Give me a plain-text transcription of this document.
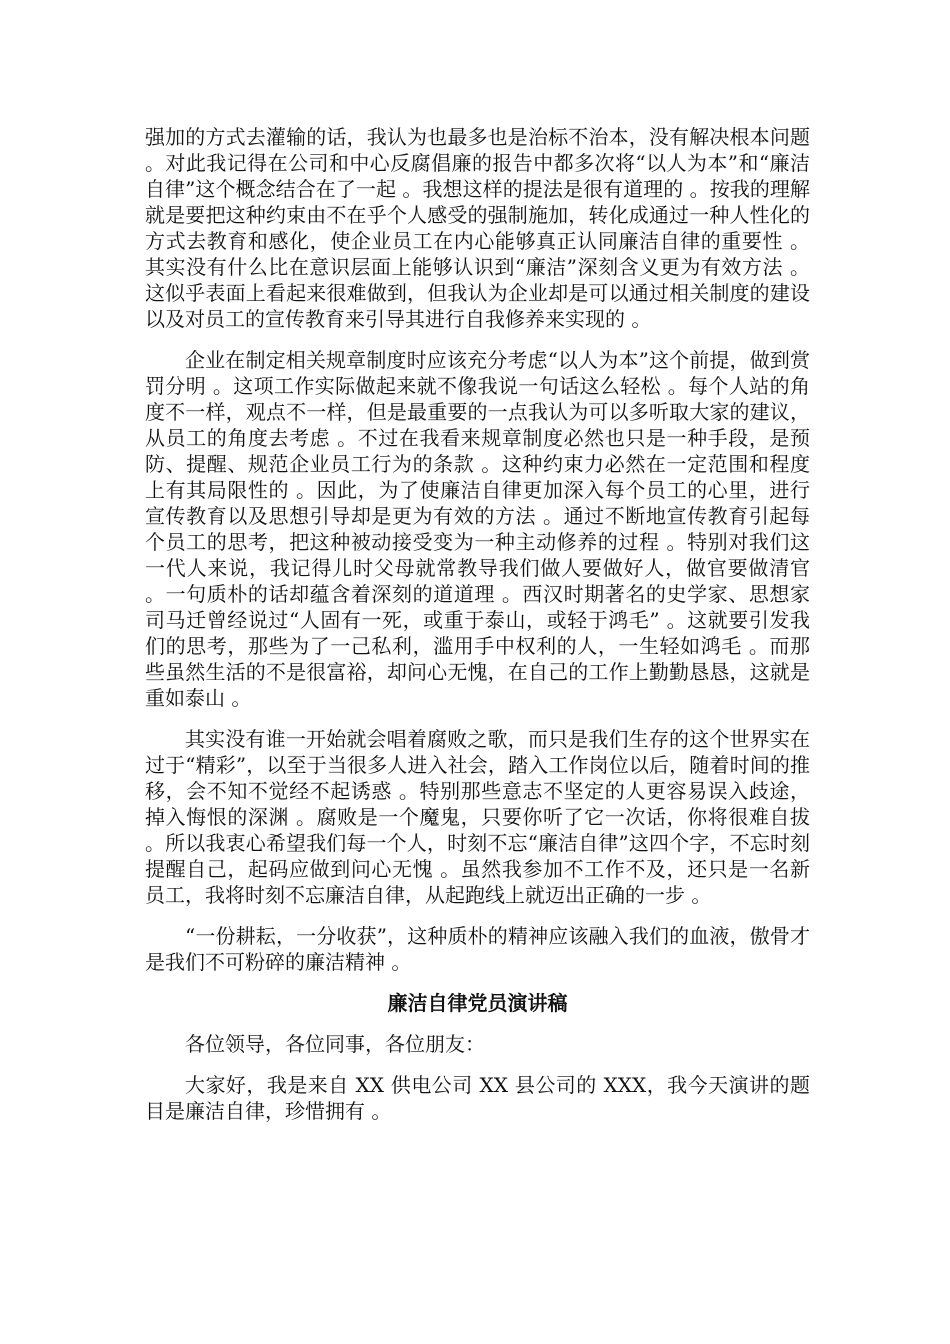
强加的方式去灌输的话，我认为也最多也是治标不治本，没有解决根本问题 。对此我记得在公司和中心反腐倡廉的报告中都多次将“以人为本”和“廉洁自律”这个概念结合在了一起 。我想这样的提法是很有道理的 。按我的理解就是要把这种约束由不在乎个人感受的强制施加，转化成通过一种人性化的方式去教育和感化，使企业员工在内心能够真正认同廉洁自律的重要性 。其实没有什么比在意识层面上能够认识到“廉洁”深刻含义更为有效方法 。这似乎表面上看起来很难做到，但我认为企业却是可以通过相关制度的建设以及对员工的宣传教育来引导其进行自我修养来实现的 。

企业在制定相关规章制度时应该充分考虑“以人为本”这个前提，做到赏罚分明 。这项工作实际做起来就不像我说一句话这么轻松 。每个人站的角度不一样，观点不一样，但是最重要的一点我认为可以多听取大家的建议，从员工的角度去考虑 。不过在我看来规章制度必然也只是一种手段，是预防、提醒、规范企业员工行为的条款 。这种约束力必然在一定范围和程度上有其局限性的 。因此，为了使廉洁自律更加深入每个员工的心里，进行宣传教育以及思想引导却是更为有效的方法 。通过不断地宣传教育引起每个员工的思考，把这种被动接受变为一种主动修养的过程 。特别对我们这一代人来说，我记得儿时父母就常教导我们做人要做好人，做官要做清官 。一句质朴的话却蕴含着深刻的道道理 。西汉时期著名的史学家、思想家司马迁曾经说过“人固有一死，或重于泰山，或轻于鸿毛” 。这就要引发我们的思考，那些为了一己私利，滥用手中权利的人，一生轻如鸿毛 。而那些虽然生活的不是很富裕，却问心无愧，在自己的工作上勤勤恳恳，这就是重如泰山 。

其实没有谁一开始就会唱着腐败之歌，而只是我们生存的这个世界实在过于“精彩”，以至于当很多人进入社会，踏入工作岗位以后，随着时间的推移，会不知不觉经不起诱惑 。特别那些意志不坚定的人更容易误入歧途，掉入悔恨的深渊 。腐败是一个魔鬼，只要你听了它一次话，你将很难自拔 。所以我衷心希望我们每一个人，时刻不忘“廉洁自律”这四个字，不忘时刻提醒自己，起码应做到问心无愧 。虽然我参加不工作不及，还只是一名新员工，我将时刻不忘廉洁自律，从起跑线上就迈出正确的一步 。

“一份耕耘，一分收获”，这种质朴的精神应该融入我们的血液，傲骨才是我们不可粉碎的廉洁精神 。

廉洁自律党员演讲稿

各位领导，各位同事，各位朋友：

大家好，我是来自 XX 供电公司 XX 县公司的 XXX，我今天演讲的题目是廉洁自律，珍惜拥有 。
